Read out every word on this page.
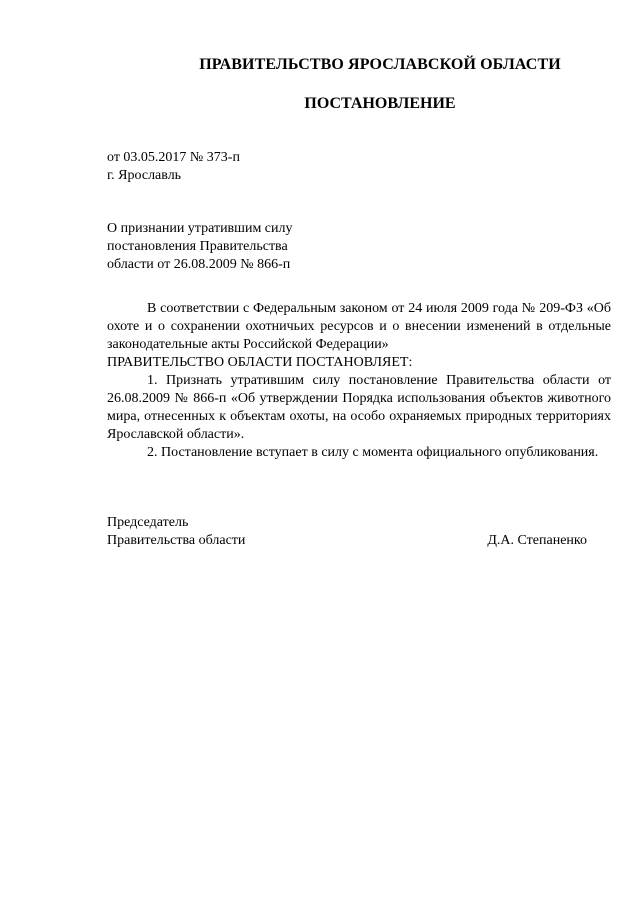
ПРАВИТЕЛЬСТВО ЯРОСЛАВСКОЙ ОБЛАСТИ
ПОСТАНОВЛЕНИЕ
от 03.05.2017 № 373-п
г. Ярославль
О признании утратившим силу
постановления Правительства
области от 26.08.2009 № 866-п

В соответствии с Федеральным законом от 24 июля 2009 года № 209-ФЗ «Об охоте и о сохранении охотничьих ресурсов и о внесении изменений в отдельные законодательные акты Российской Федерации»

ПРАВИТЕЛЬСТВО ОБЛАСТИ ПОСТАНОВЛЯЕТ:

1. Признать утратившим силу постановление Правительства области от 26.08.2009 № 866-п «Об утверждении Порядка использования объектов животного мира, отнесенных к объектам охоты, на особо охраняемых природных территориях Ярославской области».

2. Постановление вступает в силу с момента официального опубликования.

Председатель
Правительства области	Д.А. Степаненко
